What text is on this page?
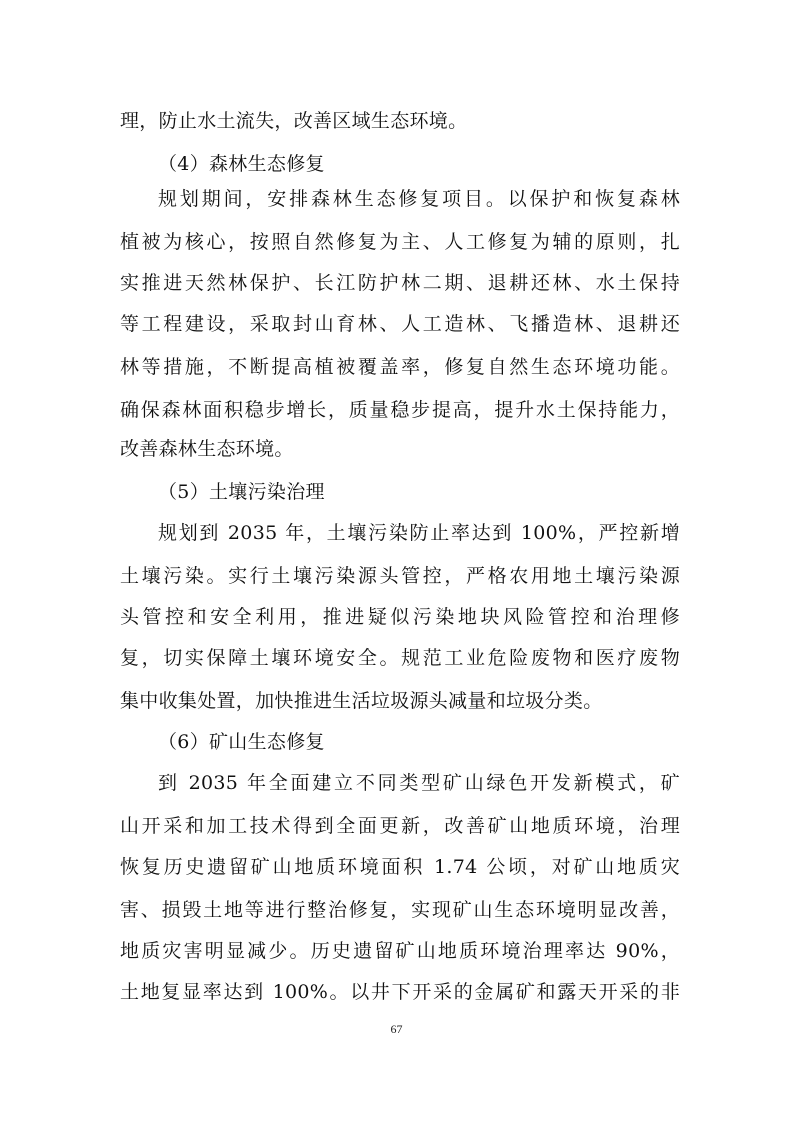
理，防止水土流失，改善区域生态环境。
（4）森林生态修复
规划期间，安排森林生态修复项目。以保护和恢复森林
植被为核心，按照自然修复为主、人工修复为辅的原则，扎
实推进天然林保护、长江防护林二期、退耕还林、水土保持
等工程建设，采取封山育林、人工造林、飞播造林、退耕还
林等措施，不断提高植被覆盖率，修复自然生态环境功能。
确保森林面积稳步增长，质量稳步提高，提升水土保持能力，
改善森林生态环境。
（5）土壤污染治理
规划到 2035 年，土壤污染防止率达到 100%，严控新增
土壤污染。实行土壤污染源头管控，严格农用地土壤污染源
头管控和安全利用，推进疑似污染地块风险管控和治理修
复，切实保障土壤环境安全。规范工业危险废物和医疗废物
集中收集处置，加快推进生活垃圾源头减量和垃圾分类。
（6）矿山生态修复
到 2035 年全面建立不同类型矿山绿色开发新模式，矿
山开采和加工技术得到全面更新，改善矿山地质环境，治理
恢复历史遗留矿山地质环境面积 1.74 公顷，对矿山地质灾
害、损毁土地等进行整治修复，实现矿山生态环境明显改善，
地质灾害明显减少。历史遗留矿山地质环境治理率达 90%，
土地复显率达到 100%。以井下开采的金属矿和露天开采的非
67
